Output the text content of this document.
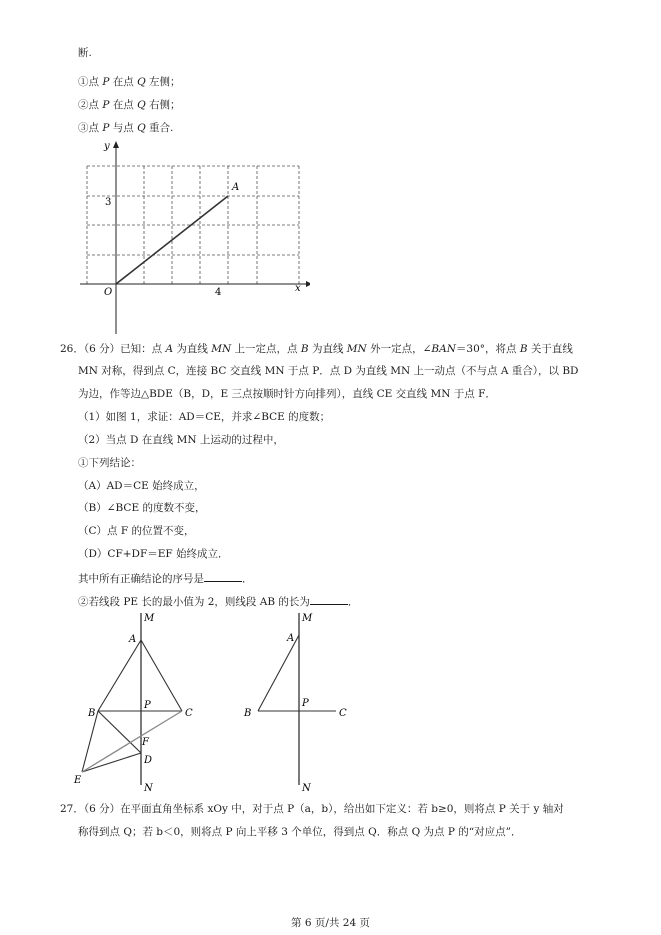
断.
①点 P 在点 Q 左侧；
②点 P 在点 Q 右侧；
③点 P 与点 Q 重合.
y
x
O
A
3
4
26．（6 分）已知：点 A 为直线 MN 上一定点，点 B 为直线 MN 外一定点，∠BAN＝30°，将点 B 关于直线
MN 对称，得到点 C，连接 BC 交直线 MN 于点 P．点 D 为直线 MN 上一动点（不与点 A 重合），以 BD
为边，作等边△BDE（B，D，E 三点按顺时针方向排列），直线 CE 交直线 MN 于点 F．
（1）如图 1，求证：AD＝CE，并求∠BCE 的度数；
（2）当点 D 在直线 MN 上运动的过程中，
①下列结论：
（A）AD＝CE 始终成立，
（B）∠BCE 的度数不变，
（C）点 F 的位置不变，
（D）CF+DF＝EF 始终成立．
其中所有正确结论的序号是	．
②若线段 PE 长的最小值为 2，则线段 AB 的长为	．
M
A
P
B	C
F
D
E
N
M
A
P
B	C
N
27．（6 分）在平面直角坐标系 xOy 中，对于点 P（a，b），给出如下定义：若 b≥0，则将点 P 关于 y 轴对
称得到点 Q；若 b＜0，则将点 P 向上平移 3 个单位，得到点 Q．称点 Q 为点 P 的“对应点”．
第 6 页/共 24 页
